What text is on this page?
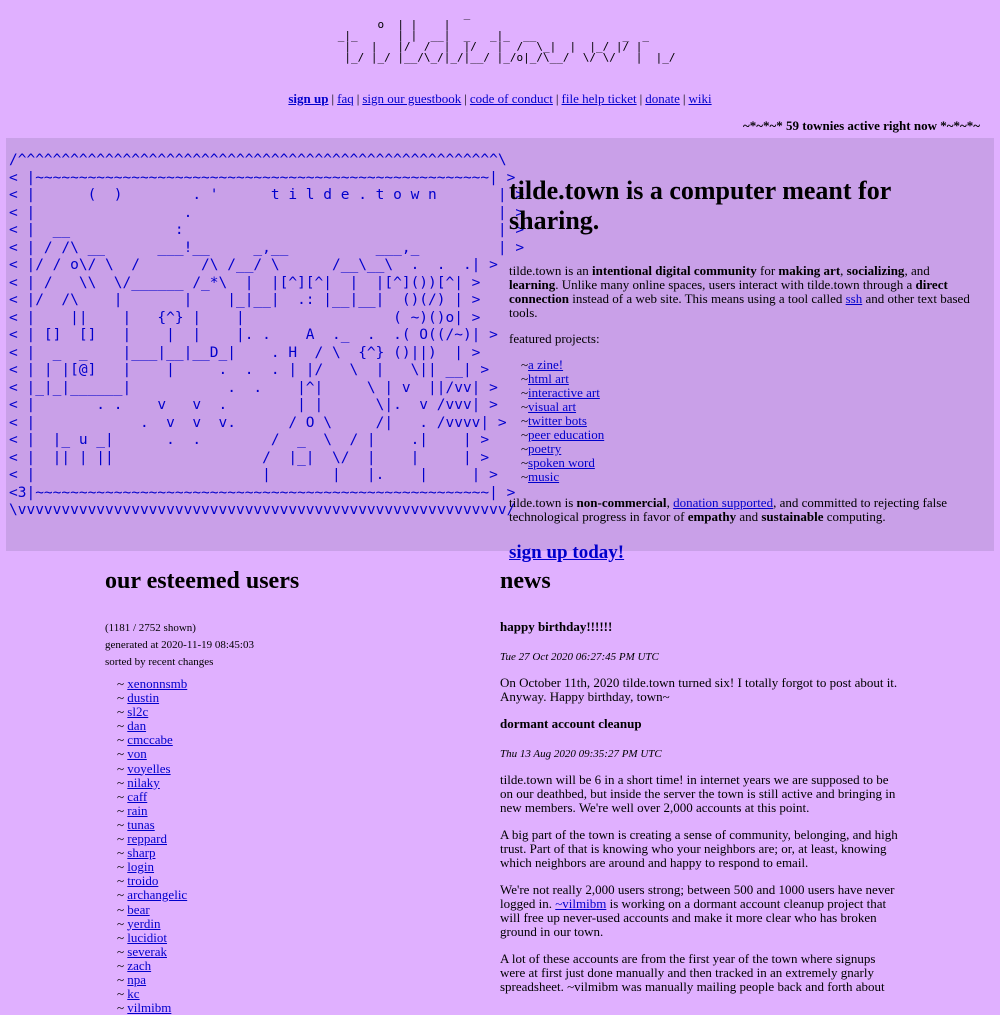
_
o  | |    |
_|_      | |  __|  _   _|_  __             _  _
|   |   |/  /  |  |/   |  /  \_|  |  |_/ |/ |
|_/ |_/ |__/\_/|_/|__/ |_/o|_/\__/  \/ \/   |  |_/
sign up | faq | sign our guestbook | code of conduct | file help ticket | donate | wiki
~*~*~* 59 townies active right now *~*~*~
/^^^^^^^^^^^^^^^^^^^^^^^^^^^^^^^^^^^^^^^^^^^^^^^^^^^^^^^\
< |~~~~~~~~~~~~~~~~~~~~~~~~~~~~~~~~~~~~~~~~~~~~~~~~~~~~| >
< |      (  )        . '      t i l d e . t o w n       | >
< |                 .                                   | >
< |  __            :                                    | >
< | / /\ __      ___!__     _,__          ___,_         | >
< |/ / o\/ \  /       /\ /__/ \      /__\__\  .  .  .| >
< | /   \\  \/______ /_*\  |  |[^][^|  |  |[^]())[^| >
< |/  /\    |       |    |_|__|  .: |__|__|  ()(/) | >
< |    ||    |   {^} |    |                 ( ~)()o| >
< | []  []   |    |  |    |. .    A  ._  .  .( O((/~)| >
< |  _  _    |___|__|__D_|    . H  / \  {^} ()||)  | >
< | | |[@]   |    |     .  .  . | |/   \  |   \|| __| >
< |_|_|______|           .  .    |^|     \ | v  ||/vv| >
< |       . .    v   v  .        | |      \|.  v /vvv| >
< |            .  v  v  v.      / O \     /|   . /vvvv| >
< |  |_ u _|      .  .        /  _  \  / |    .|    | >
< |  || | ||                 /  |_|  \/  |    |     | >
< |                          |       |   |.    |     | >
<3|~~~~~~~~~~~~~~~~~~~~~~~~~~~~~~~~~~~~~~~~~~~~~~~~~~~~| >
\vvvvvvvvvvvvvvvvvvvvvvvvvvvvvvvvvvvvvvvvvvvvvvvvvvvvvvvv/
tilde.town is a computer meant for sharing.

tilde.town is an intentional digital community for making art, socializing, and learning. Unlike many online spaces, users interact with tilde.town through a direct connection instead of a web site. This means using a tool called ssh and other text based tools.

featured projects:

~a zine!
~html art
~interactive art
~visual art
~twitter bots
~peer education
~poetry
~spoken word
~music

tilde.town is non-commercial, donation supported, and committed to rejecting false technological progress in favor of empathy and sustainable computing.

sign up today!
our esteemed users

(1181 / 2752 shown)

generated at 2020-11-19 08:45:03

sorted by recent changes

~ xenonnsmb
~ dustin
~ sl2c
~ dan
~ cmccabe
~ von
~ voyelles
~ nilaky
~ caff
~ rain
~ tunas
~ reppard
~ sharp
~ login
~ troido
~ archangelic
~ bear
~ yerdin
~ lucidiot
~ severak
~ zach
~ npa
~ kc
~ vilmibm
news
happy birthday!!!!!!

Tue 27 Oct 2020 06:27:45 PM UTC

On October 11th, 2020 tilde.town turned six! I totally forgot to post about it. Anyway. Happy birthday, town~

dormant account cleanup

Thu 13 Aug 2020 09:35:27 PM UTC

tilde.town will be 6 in a short time! in internet years we are supposed to be on our deathbed, but inside the server the town is still active and bringing in new members. We're well over 2,000 accounts at this point.

A big part of the town is creating a sense of community, belonging, and high trust. Part of that is knowing who your neighbors are; or, at least, knowing which neighbors are around and happy to respond to email.

We're not really 2,000 users strong; between 500 and 1000 users have never logged in. ~vilmibm is working on a dormant account cleanup project that will free up never-used accounts and make it more clear who has broken ground in our town.

A lot of these accounts are from the first year of the town where signups were at first just done manually and then tracked in an extremely gnarly spreadsheet. ~vilmibm was manually mailing people back and forth about
